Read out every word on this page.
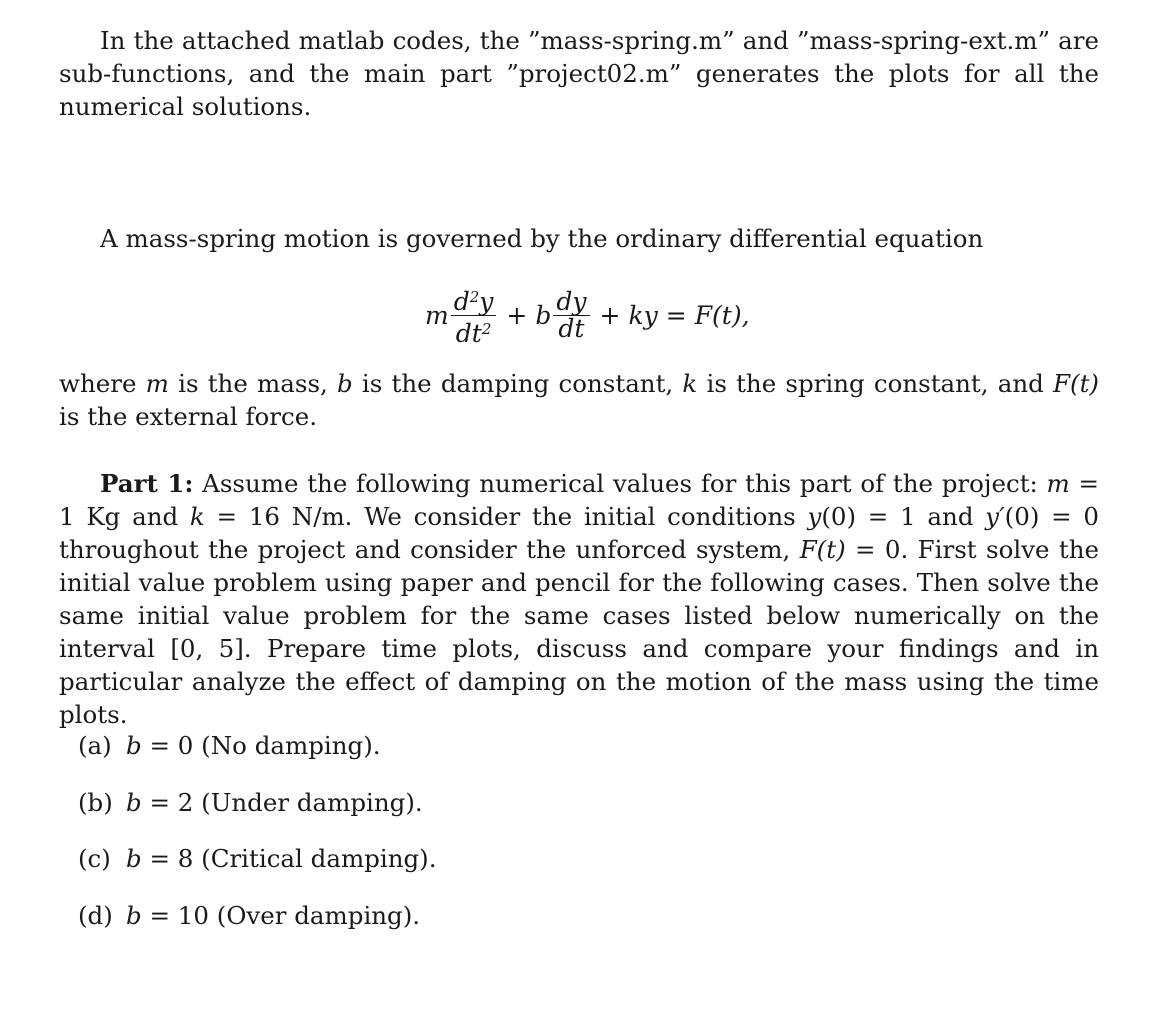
In the attached matlab codes, the ”mass-spring.m” and ”mass-spring-ext.m” are sub-functions, and the main part ”project02.m” generates the plots for all the numerical solutions.

A mass-spring motion is governed by the ordinary differential equation

m $\frac{d^2y}{dt^2} + b \frac{dy}{dt}$ + ky = F(t),

where m is the mass, b is the damping constant, k is the spring constant, and F(t) is the external force.

Part 1: Assume the following numerical values for this part of the project: m = 1 Kg and k = 16 N/m. We consider the initial conditions y(0) = 1 and y′(0) = 0 throughout the project and consider the unforced system, F(t) = 0. First solve the initial value problem using paper and pencil for the following cases. Then solve the same initial value problem for the same cases listed below numerically on the interval [0, 5]. Prepare time plots, discuss and compare your findings and in particular analyze the effect of damping on the motion of the mass using the time plots.

(a) b = 0 (No damping).
(b) b = 2 (Under damping).
(c) b = 8 (Critical damping).
(d) b = 10 (Over damping).
